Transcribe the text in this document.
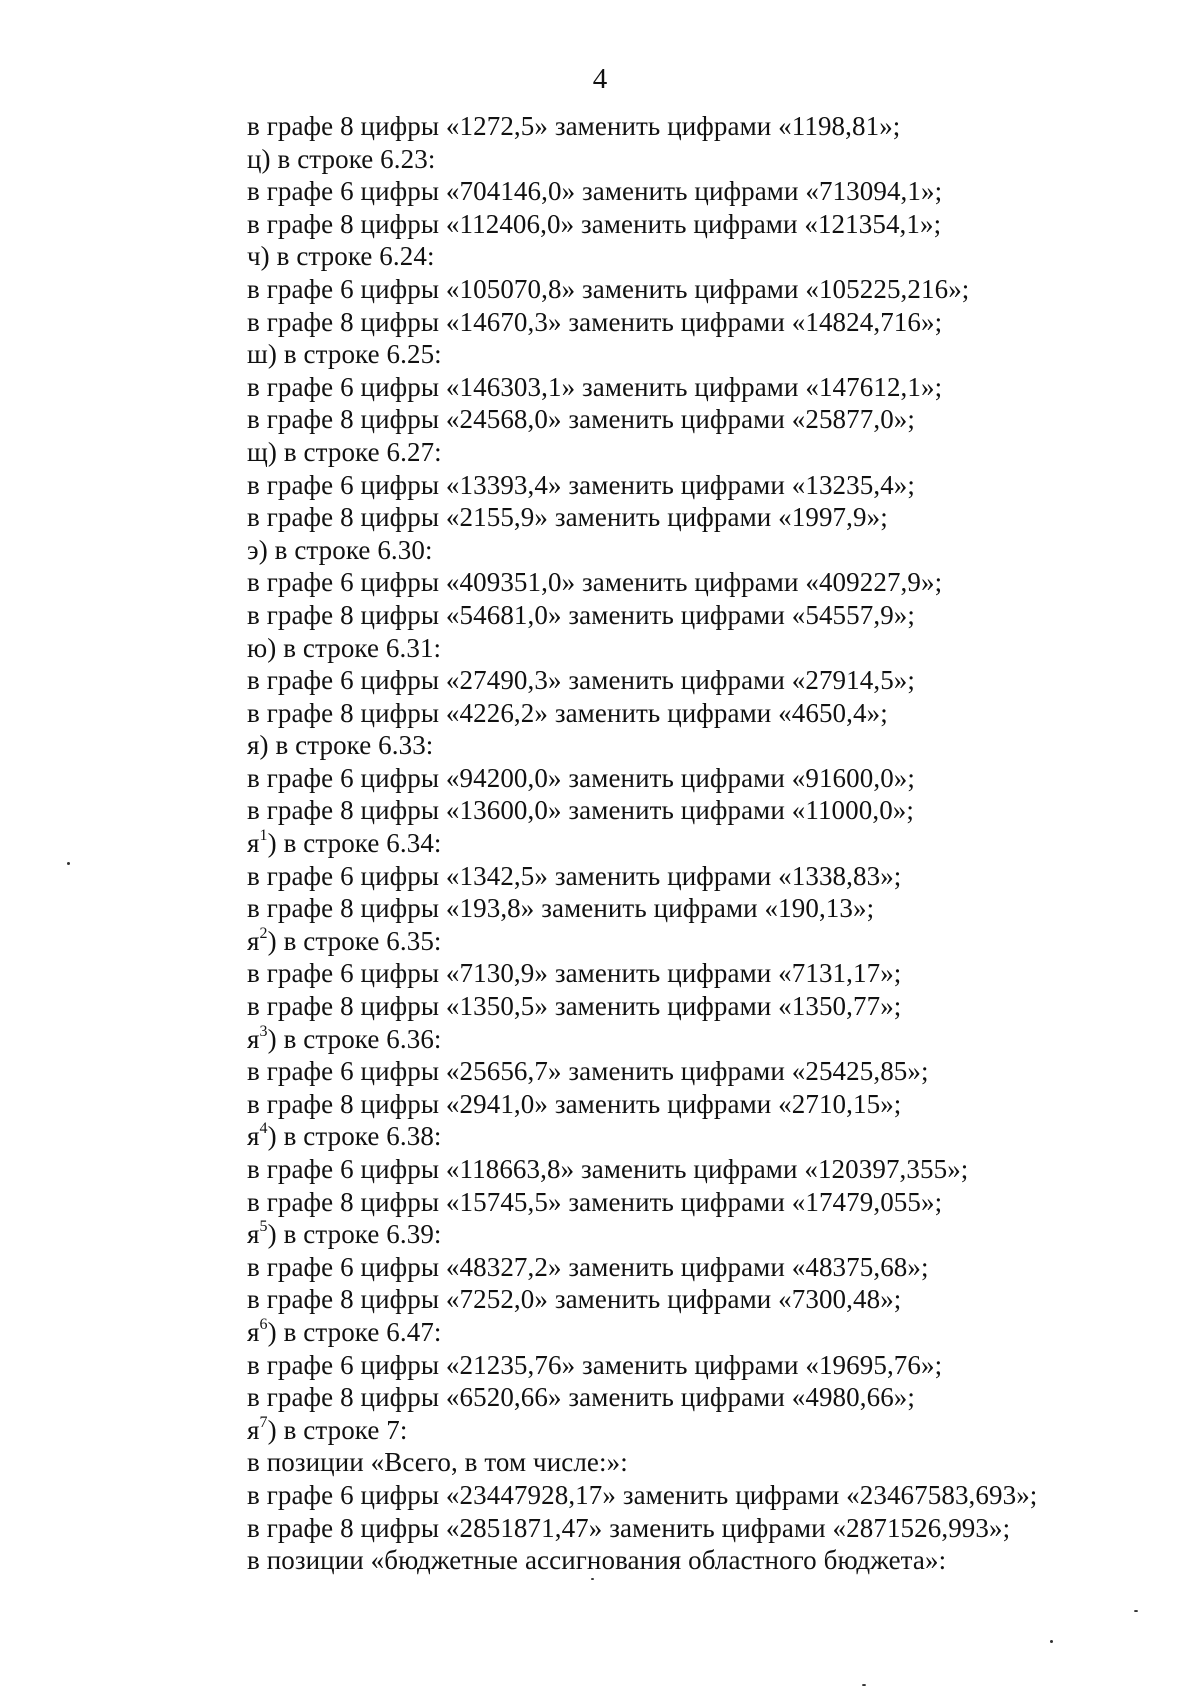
4
в графе 8 цифры «1272,5» заменить цифрами «1198,81»;
ц) в строке 6.23:
в графе 6 цифры «704146,0» заменить цифрами «713094,1»;
в графе 8 цифры «112406,0» заменить цифрами «121354,1»;
ч) в строке 6.24:
в графе 6 цифры «105070,8» заменить цифрами «105225,216»;
в графе 8 цифры «14670,3» заменить цифрами «14824,716»;
ш) в строке 6.25:
в графе 6 цифры «146303,1» заменить цифрами «147612,1»;
в графе 8 цифры «24568,0» заменить цифрами «25877,0»;
щ) в строке 6.27:
в графе 6 цифры «13393,4» заменить цифрами «13235,4»;
в графе 8 цифры «2155,9» заменить цифрами «1997,9»;
э) в строке 6.30:
в графе 6 цифры «409351,0» заменить цифрами «409227,9»;
в графе 8 цифры «54681,0» заменить цифрами «54557,9»;
ю) в строке 6.31:
в графе 6 цифры «27490,3» заменить цифрами «27914,5»;
в графе 8 цифры «4226,2» заменить цифрами «4650,4»;
я) в строке 6.33:
в графе 6 цифры «94200,0» заменить цифрами «91600,0»;
в графе 8 цифры «13600,0» заменить цифрами «11000,0»;
$я^1$) в строке 6.34:
в графе 6 цифры «1342,5» заменить цифрами «1338,83»;
в графе 8 цифры «193,8» заменить цифрами «190,13»;
$я^2$) в строке 6.35:
в графе 6 цифры «7130,9» заменить цифрами «7131,17»;
в графе 8 цифры «1350,5» заменить цифрами «1350,77»;
$я^3$) в строке 6.36:
в графе 6 цифры «25656,7» заменить цифрами «25425,85»;
в графе 8 цифры «2941,0» заменить цифрами «2710,15»;
$я^4$) в строке 6.38:
в графе 6 цифры «118663,8» заменить цифрами «120397,355»;
в графе 8 цифры «15745,5» заменить цифрами «17479,055»;
$я^5$) в строке 6.39:
в графе 6 цифры «48327,2» заменить цифрами «48375,68»;
в графе 8 цифры «7252,0» заменить цифрами «7300,48»;
$я^6$) в строке 6.47:
в графе 6 цифры «21235,76» заменить цифрами «19695,76»;
в графе 8 цифры «6520,66» заменить цифрами «4980,66»;
$я^7$) в строке 7:
в позиции «Всего, в том числе:»:
в графе 6 цифры «23447928,17» заменить цифрами «23467583,693»;
в графе 8 цифры «2851871,47» заменить цифрами «2871526,993»;
в позиции «бюджетные ассигнования областного бюджета»:
